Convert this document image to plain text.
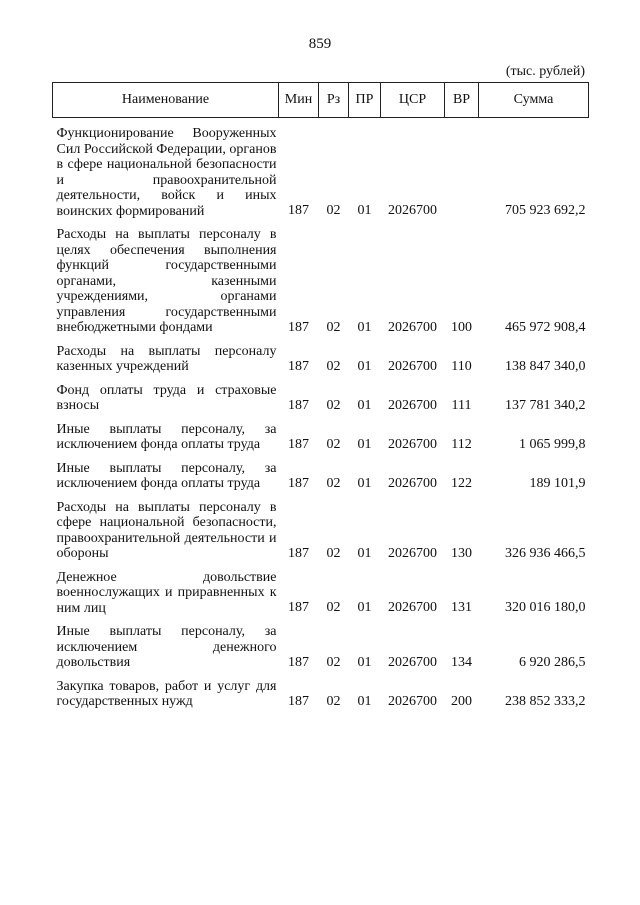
859
(тыс. рублей)
Наименование	Мин	Рз	ПР	ЦСР	ВР	Сумма
Функционирование Вооруженных Сил Российской Федерации, органов в сфере национальной безопасности и правоохранительной деятельности, войск и иных воинских формирований	187	02	01	2026700		705 923 692,2
Расходы на выплаты персоналу в целях обеспечения выполнения функций государственными органами, казенными учреждениями, органами управления государственными внебюджетными фондами	187	02	01	2026700	100	465 972 908,4
Расходы на выплаты персоналу казенных учреждений	187	02	01	2026700	110	138 847 340,0
Фонд оплаты труда и страховые взносы	187	02	01	2026700	111	137 781 340,2
Иные выплаты персоналу, за исключением фонда оплаты труда	187	02	01	2026700	112	1 065 999,8
Иные выплаты персоналу, за исключением фонда оплаты труда	187	02	01	2026700	122	189 101,9
Расходы на выплаты персоналу в сфере национальной безопасности, правоохранительной деятельности и обороны	187	02	01	2026700	130	326 936 466,5
Денежное довольствие военнослужащих и приравненных к ним лиц	187	02	01	2026700	131	320 016 180,0
Иные выплаты персоналу, за исключением денежного довольствия	187	02	01	2026700	134	6 920 286,5
Закупка товаров, работ и услуг для государственных нужд	187	02	01	2026700	200	238 852 333,2
